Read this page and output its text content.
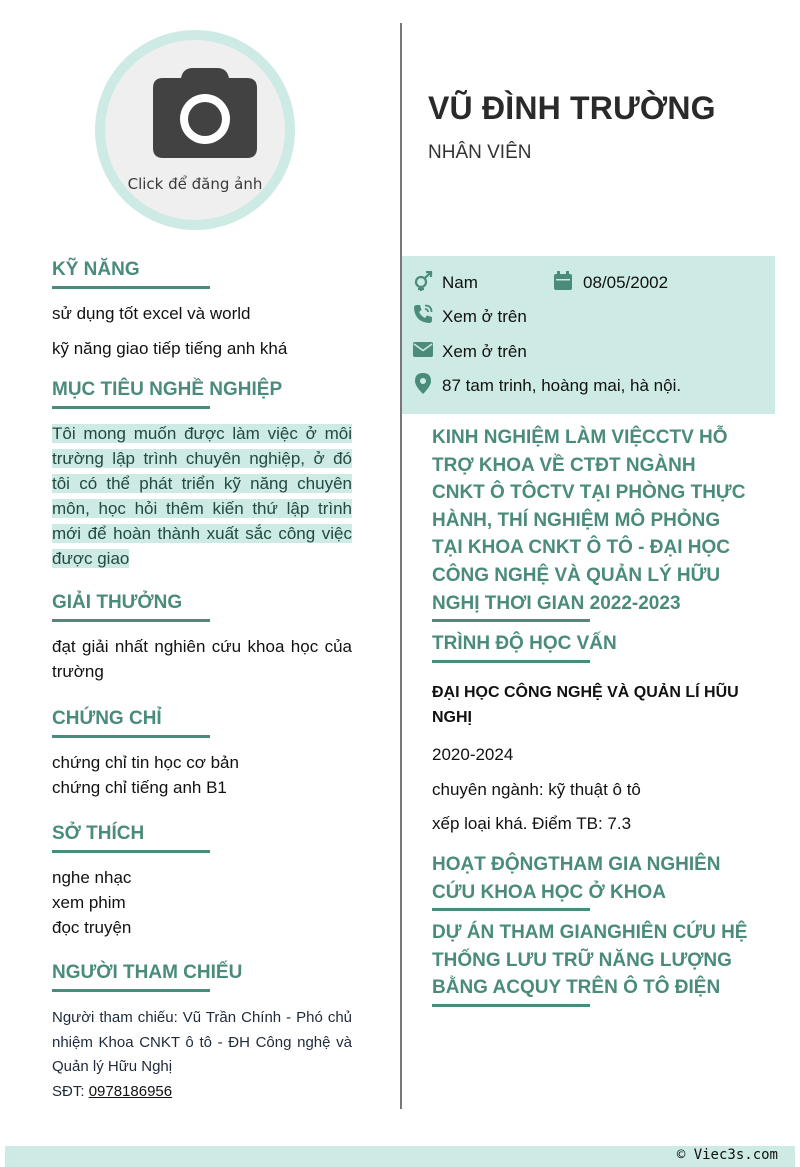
Click để đăng ảnh
KỸ NĂNG
sử dụng tốt excel và world
kỹ năng giao tiếp tiếng anh khá
MỤC TIÊU NGHỀ NGHIỆP
Tôi mong muốn được làm việc ở môi trường lập trình chuyên nghiệp, ở đó tôi có thể phát triển kỹ năng chuyên môn, học hỏi thêm kiến thứ lập trình mới để hoàn thành xuất sắc công việc được giao
GIẢI THƯỞNG
đạt giải nhất nghiên cứu khoa học của trường
CHỨNG CHỈ
chứng chỉ tin học cơ bản
chứng chỉ tiếng anh B1
SỞ THÍCH
nghe nhạc
xem phim
đọc truyện
NGƯỜI THAM CHIẾU
Người tham chiếu: Vũ Trần Chính - Phó chủ nhiệm Khoa CNKT ô tô - ĐH Công nghệ và Quản lý Hữu Nghị
SĐT: 0978186956
VŨ ĐÌNH TRƯỜNG
NHÂN VIÊN
Nam	08/05/2002
Xem ở trên
Xem ở trên
87 tam trinh, hoàng mai, hà nội.
KINH NGHIỆM LÀM VIỆCCTV HỖ TRỢ KHOA VỀ CTĐT NGÀNH CNKT Ô TÔCTV TẠI PHÒNG THỰC HÀNH, THÍ NGHIỆM MÔ PHỎNG TẠI KHOA CNKT Ô TÔ - ĐẠI HỌC CÔNG NGHỆ VÀ QUẢN LÝ HỮU NGHỊ THƠI GIAN 2022-2023
TRÌNH ĐỘ HỌC VẤN
ĐẠI HỌC CÔNG NGHỆ VÀ QUẢN LÍ HŨU NGHỊ
2020-2024
chuyên ngành: kỹ thuật ô tô
xếp loại khá. Điểm TB: 7.3
HOẠT ĐỘNGTHAM GIA NGHIÊN CỨU KHOA HỌC Ở KHOA
DỰ ÁN THAM GIANGHIÊN CỨU HỆ THỐNG LƯU TRỮ NĂNG LƯỢNG BẰNG ACQUY TRÊN Ô TÔ ĐIỆN
© Viec3s.com
